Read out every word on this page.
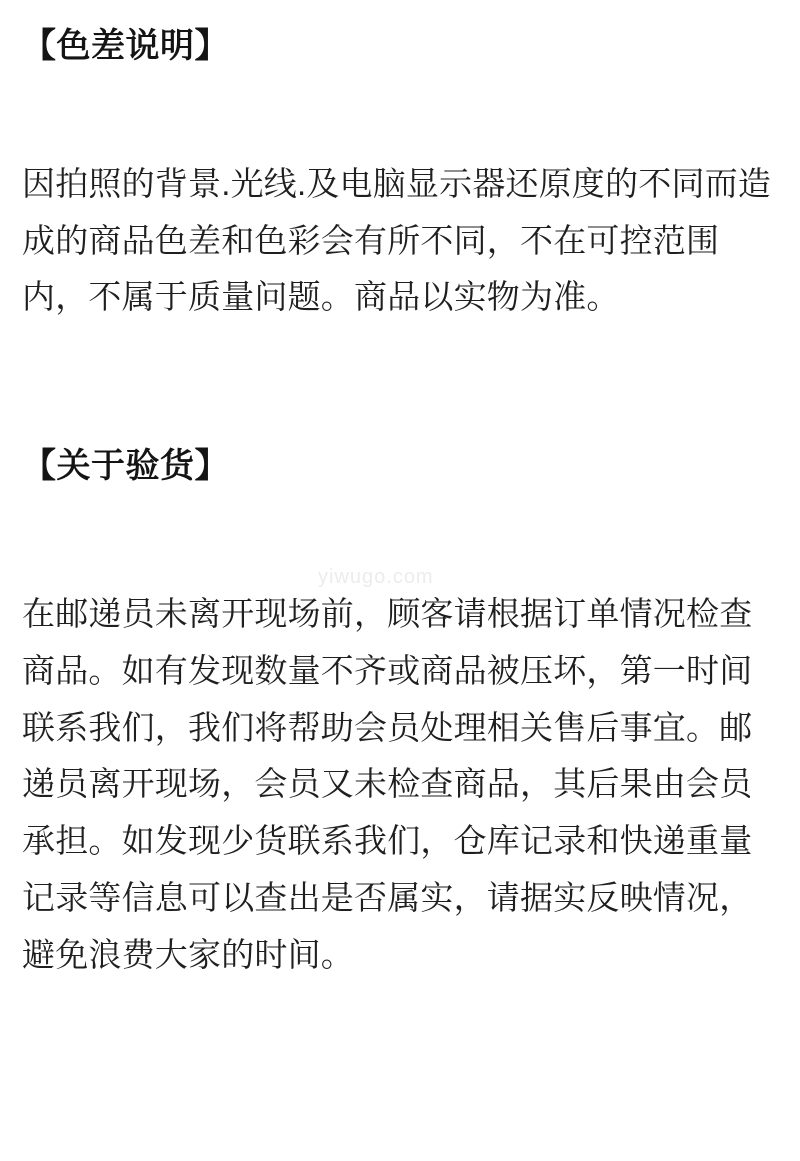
【色差说明】

因拍照的背景.光线.及电脑显示器还原度的不同而造成的商品色差和色彩会有所不同，不在可控范围内，不属于质量问题。商品以实物为准。

【关于验货】

在邮递员未离开现场前，顾客请根据订单情况检查商品。如有发现数量不齐或商品被压坏，第一时间联系我们，我们将帮助会员处理相关售后事宜。邮递员离开现场，会员又未检查商品，其后果由会员承担。如发现少货联系我们，仓库记录和快递重量记录等信息可以查出是否属实，请据实反映情况，避免浪费大家的时间。

yiwugo.com
